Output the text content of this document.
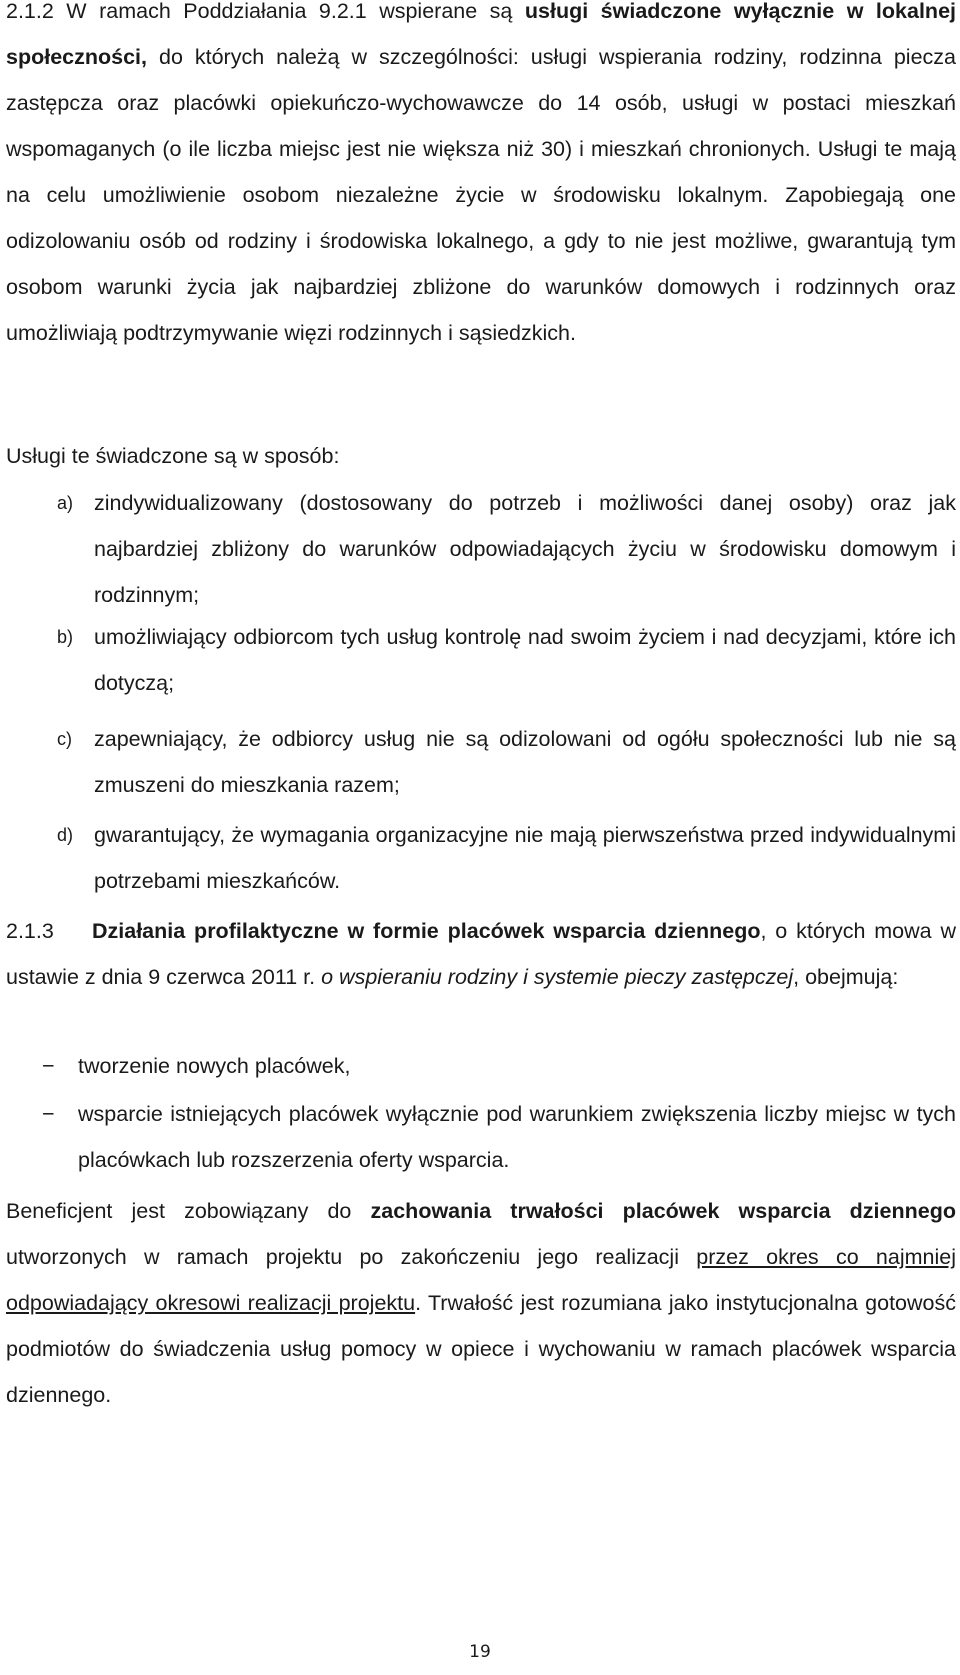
2.1.2 W ramach Poddziałania 9.2.1 wspierane są usługi świadczone wyłącznie w lokalnej społeczności, do których należą w szczególności: usługi wspierania rodziny, rodzinna piecza zastępcza oraz placówki opiekuńczo-wychowawcze do 14 osób, usługi w postaci mieszkań wspomaganych (o ile liczba miejsc jest nie większa niż 30) i mieszkań chronionych. Usługi te mają na celu umożliwienie osobom niezależne życie w środowisku lokalnym. Zapobiegają one odizolowaniu osób od rodziny i środowiska lokalnego, a gdy to nie jest możliwe, gwarantują tym osobom warunki życia jak najbardziej zbliżone do warunków domowych i rodzinnych oraz umożliwiają podtrzymywanie więzi rodzinnych i sąsiedzkich.
Usługi te świadczone są w sposób:
a) zindywidualizowany (dostosowany do potrzeb i możliwości danej osoby) oraz jak najbardziej zbliżony do warunków odpowiadających życiu w środowisku domowym i rodzinnym;
b) umożliwiający odbiorcom tych usług kontrolę nad swoim życiem i nad decyzjami, które ich dotyczą;
c)	zapewniający, że odbiorcy usług nie są odizolowani od ogółu społeczności lub nie są zmuszeni do mieszkania razem;
d) gwarantujący, że wymagania organizacyjne nie mają pierwszeństwa przed indywidualnymi potrzebami mieszkańców.
2.1.3 Działania profilaktyczne w formie placówek wsparcia dziennego, o których mowa w ustawie z dnia 9 czerwca 2011 r. o wspieraniu rodziny i systemie pieczy zastępczej, obejmują:
−	tworzenie nowych placówek,
−	wsparcie istniejących placówek wyłącznie pod warunkiem zwiększenia liczby miejsc w tych placówkach lub rozszerzenia oferty wsparcia.
Beneficjent jest zobowiązany do zachowania trwałości placówek wsparcia dziennego utworzonych w ramach projektu po zakończeniu jego realizacji przez okres co najmniej odpowiadający okresowi realizacji projektu. Trwałość jest rozumiana jako instytucjonalna gotowość podmiotów do świadczenia usług pomocy w opiece i wychowaniu w ramach placówek wsparcia dziennego.
19
